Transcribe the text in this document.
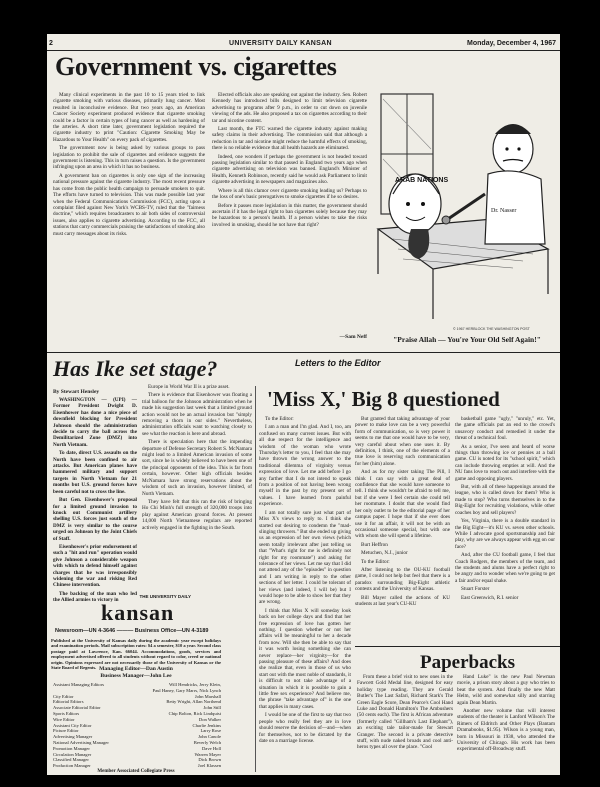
2	UNIVERSITY DAILY KANSAN	Monday, December 4, 1967
Government vs. cigarettes

Many clinical experiments in the past 10 to 15 years tried to link cigarette smoking with various diseases, primarily lung cancer. Most resulted in inconclusive evidence. But two years ago, an American Cancer Society experiment produced evidence that cigarette smoking could be a factor in certain types of lung cancer as well as hardening of the arteries. A short time later, government legislation required the cigarette industry to print "Caution: Cigarette Smoking May be Hazardous to Your Health" on every pack of cigarettes.

The government now is being asked by various groups to pass legislation to prohibit the sale of cigarettes and evidence suggests the government is listening. This in turn raises a question. Is the government infringing upon an area in which it has no business.

A government ban on cigarettes is only one sign of the increasing national pressure against the cigarette industry. The most recent pressure has come from the public health campaign to persuade smokers to quit. The efforts have turned to television. This was made possible last year when the Federal Communications Commission (FCC), acting upon a complaint filed against New York's WCBS-TV, ruled that the "fairness doctrine," which requires broadcasters to air both sides of controversial issues, also applies to cigarette advertising. According to the FCC, all stations that carry commercials praising the satisfactions of smoking also must carry messages about its risks.

Elected officials also are speaking out against the industry. Sen. Robert Kennedy has introduced bills designed to limit television cigarette advertising to programs after 9 p.m., in order to cut down on juvenile viewing of the ads. He also proposed a tax on cigarettes according to their tar and nicotine content.

Last month, the FTC warned the cigarette industry against making safety claims in their advertising. The commission said that although a reduction in tar and nicotine might reduce the harmful effects of smoking, there is no reliable evidence that all health hazards are eliminated.

Indeed, one wonders if perhaps the government is not headed toward passing legislation similar to that passed in England two years ago when cigarette advertising on television was banned. England's Minister of Health, Kenneth Robinson, recently said he would ask Parliament to limit cigarette advertising in newspapers and magazines also.

Where is all this clamor over cigarette smoking leading us? Perhaps to the loss of one's basic prerogatives to smoke cigarettes if he so desires.

Before it passes more legislation in this matter, the government should ascertain if it has the legal right to ban cigarettes solely because they may be hazardous to a person's health. If a person wishes to take the risks involved in smoking, should he not have that right?

—Sam Neff
ARAB NATIONS
Dr. Nasser
© 1967 HERBLOCK THE WASHINGTON POST
"Praise Allah — You're Your Old Self Again!"
Has Ike set stage?
By Stewart Hensley

WASHINGTON — (UPI) — Former President Dwight D. Eisenhower has done a nice piece of downfield blocking for President Johnson should the administration decide to carry the ball across the Demilitarized Zone (DMZ) into North Vietnam.

To date, direct U.S. assaults on the North have been confined to air attacks. But American planes have hammered military and support targets in North Vietnam for 21 months but U.S. ground forces have been careful not to cross the line.

But Gen. Eisenhower's proposal for a limited ground invasion to knock out Communist artillery shelling U.S. forces just south of the DMZ is very similar to the course urged on Johnson by the Joint Chiefs of Staff.

Eisenhower's prior endorsement of such a "hit and run" operation would give Johnson a considerable weapon with which to defend himself against charges that he was irresponsibly widening the war and risking Red Chinese intervention.

The backing of the man who led the Allied armies to victory in

Europe in World War II is a prize asset.

There is evidence that Eisenhower was floating a trial balloon for the Johnson administration when he made his suggestion last week that a limited ground action would not be an actual invasion but "simply removing a thorn in our sides." Nevertheless, administration officials want to watching closely to see what the reaction is here and abroad.

There is speculation here that the impending departure of Defense Secretary Robert S. McNamara might lead to a limited American invasion of some sort, since he is widely believed to have been one of the principal opponents of the idea. This is far from certain, however. Other high officials besides McNamara have strong reservations about the wisdom of such an invasion, however limited, of North Vietnam.

They have felt that this ran the risk of bringing Ho Chi Minh's full strength of 320,000 troops into play against American ground forces. At present 14,000 North Vietnamese regulars are reported actively engaged in the fighting in the South.

THE UNIVERSITY DAILY
kansan
Newsroom—UN 4-3646 ——— Business Office—UN 4-3189
Published at the University of Kansas daily during the academic year except holidays and examination periods. Mail subscription rates: $4 a semester, $10 a year. Second class postage paid at Lawrence, Kan. 66044. Accommodations, goods, services and employment advertised offered to all students without regard to color, creed or national origin. Opinions expressed are not necessarily those of the University of Kansas or the State Board of Regents. Managing Editor—Dan Austin
Business Manager—John Lee
Assistant Managing Editors	Will Hendricks, Jerry Klein,
Paul Haney, Gary Marrs, Nick Lynch
City Editor	John Marshall
Editorial Editors	Betty Wright, Allan Northend
Associate Editorial Editor	John Still
Sports Editors	Chip Bolton, Rick Lindquist
Wire Editor	Don Walker
Assistant City Editor	Charlie Jenkins
Picture Editor	Larry Rose
Advertising Manager	John Canole
National Advertising Manager	Beverly Welch
Promotion Manager	Dave Holl
Circulation Manager	Warren Mayer
Classified Manager	Dick Brown
Production Manager	Joel Klassen
Member Associated Collegiate Press
Letters to the Editor
'Miss X,' Big 8 questioned

To the Editor:

I am a man and I'm glad. And I, too, am confused on many current issues. But with all due respect for the intelligence and wisdom of the woman who wrote Thursday's letter to you, I feel that she may have thrown the wrong answer to the traditional dilemma of virginity versus expression of love. Let me add before I go any farther that I do not intend to speak from a position of not having been wrong myself in the past by my present set of values. I have learned from painful experience.

I am not totally sure just what part of Miss X's views to reply to. I think she started out desiring to condemn the "mad-slinging throwers." But she ended up giving us an expression of her own views (which seem totally irrelevant after just telling us that "What's right for me is definitely not right for my roommate") and asking for tolerance of her views. Let me say that I did not attend any of the "episodes" in question and I am writing in reply to the other sections of her letter. I could be tolerant of her views (and indeed, I will be) but I would hope to be able to show her that they are wrong.

I think that Miss X will someday look back on her college days and find that her free expression of love has gotten her nothing. I question whether or not her affairs will be meaningful to her a decade from now. Will she then be able to say that it was worth losing something she can never replace—her virginity—for the passing pleasure of these affairs? And does she realize that, even in those of us who start out with the most noble of standards, it is difficult to not take advantage of a situation in which it is possible to gain a little free sex experience? And believe me, the phrase "take advantage of" is the one that applies in many cases.

I would be one of the first to say that two people who really feel they are in love should reserve the decision of—and—when for themselves, not to be dictated by the date on a marriage license.

But granted that taking advantage of your power to make love can be a very powerful form of communication, so is very power it seems to me that one would have to be very, very careful about when one uses it. By definition, I think, one of the elements of a true love is reserving such communication for her (him) alone.

And as for my sister taking The Pill, I think I can say with a great deal of confidence that she would have someone to tell. I think she wouldn't be afraid to tell me, but if she were I feel certain she could tell her roommate. I doubt that she would find her only outlet to be the editorial page of her campus paper. I hope that if she ever does use it for an affair, it will not be with an occasional someone special, but with one with whom she will spend a lifetime.

Burt Heffron

Metuchen, N.J., junior

To the Editor:

After listening to the OU-KU football game, I could not help but feel that there is a paradox surrounding Big-Eight athletic contests and the University of Kansas.

Bill Mayer called the actions of KU students at last year's CU-KU

basketball game "ugly," "unruly," etc. Yet, the game officials put an end to the crowd's unsavory conduct and remedied it under the threat of a technical foul.

As a senior, I've seen and heard of worse things than throwing ice or pennies at a ball game. CU is noted for its "school spirit," which can include throwing empties at will. And the NU fans love to reach out and interfere with the game and opposing players.

But, with all of these happenings around the league, who is called down for them? Who is made to stop? Who turns themselves in to the Big-Eight for recruiting violations, while other coaches boy and sell players?

Yes, Virginia, there is a double standard in the Big Eight—it's KU vs. seven other schools. While I advocate good sportsmanship and fair play, why are we always appear with egg on our face?

And, after the CU football game, I feel that Coach Rodgers, the members of the team, and the students and alums have a perfect right to be angry and to wonder when we're going to get a fair and/or equal shake.

Stuart Forster

East Greenwich, R.I. senior

Paperbacks

From these a brief visit to new ones in the Fawcett Gold Medal line, designed for easy holiday type reading. They are Gerald Butler's The Last Safari, Richard Stark's The Green Eagle Score, Dean Pearce's Cool Hand Luke and Donald Hamilton's The Ambushers (50 cents each). The first is African adventure (formerly called "Gillham's Last Elephant"), an exciting tale tailor-made for Stewart Granger. The second is a private detective stuff, with nude naked broads and cool anti-heros types all over the place. "Cool

Hand Luke" is the new Paul Newman movie, a prison story about a guy who tries to beat the system. And finally the new Matt Helm, wild and somewhat silly and starring again Dean Martin.

Another new volume that will interest students of the theater is Lanford Wilson's The Rimers of Eldritch and Other Plays (Bantam Dramabooks, $1.95). Wilson is a young man, born in Missouri in 1938, who attended the University of Chicago. His work has been experimental off-Broadway stuff.
